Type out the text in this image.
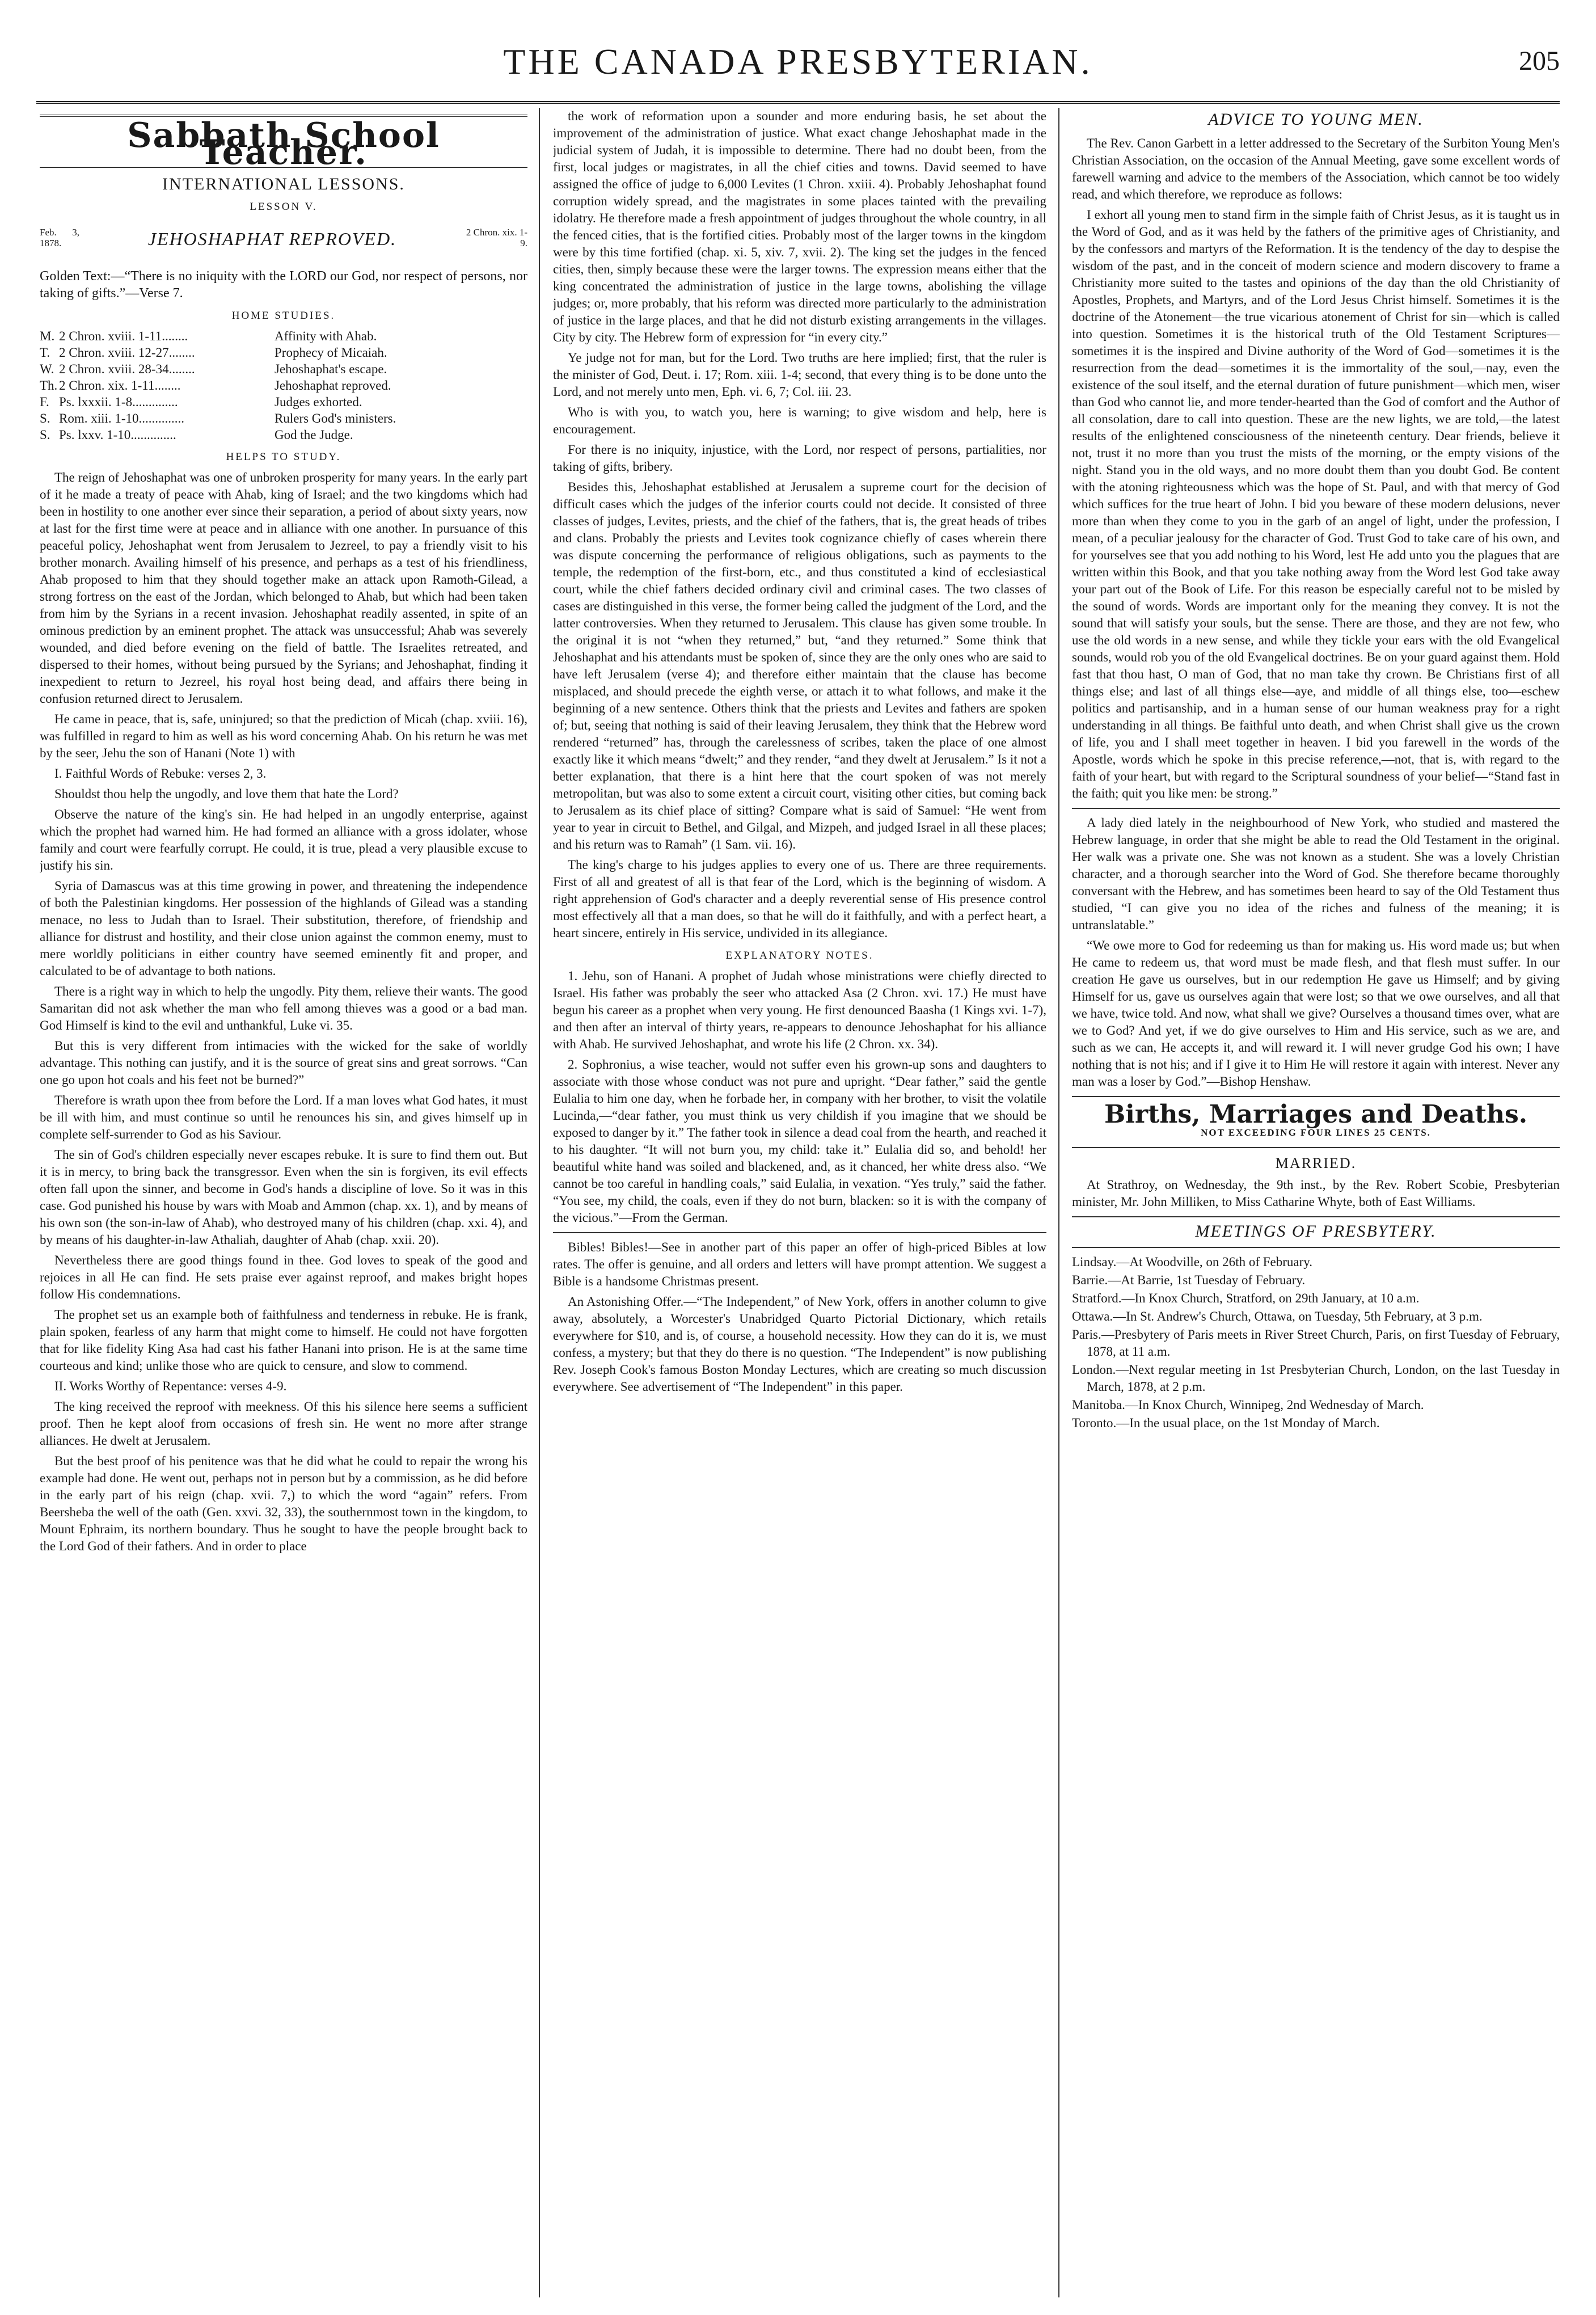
THE CANADA PRESBYTERIAN.	205
Sabbath School Teacher.
INTERNATIONAL LESSONS.
LESSON V.
Feb. 3, 1878.	JEHOSHAPHAT REPROVED.	2 Chron. xix. 1-9.

Golden Text:—“There is no iniquity with the LORD our God, nor respect of persons, nor taking of gifts.”—Verse 7.

HOME STUDIES.
M.	2 Chron. xviii. 1-11........	Affinity with Ahab.
T.	2 Chron. xviii. 12-27........	Prophecy of Micaiah.
W.	2 Chron. xviii. 28-34........	Jehoshaphat's escape.
Th.	2 Chron. xix. 1-11........	Jehoshaphat reproved.
F.	Ps. lxxxii. 1-8..............	Judges exhorted.
S.	Rom. xiii. 1-10..............	Rulers God's ministers.
S.	Ps. lxxv. 1-10..............	God the Judge.
HELPS TO STUDY.

The reign of Jehoshaphat was one of unbroken prosperity for many years. In the early part of it he made a treaty of peace with Ahab, king of Israel; and the two kingdoms which had been in hostility to one another ever since their separation, a period of about sixty years, now at last for the first time were at peace and in alliance with one another. In pursuance of this peaceful policy, Jehoshaphat went from Jerusalem to Jezreel, to pay a friendly visit to his brother monarch. Availing himself of his presence, and perhaps as a test of his friendliness, Ahab proposed to him that they should together make an attack upon Ramoth-Gilead, a strong fortress on the east of the Jordan, which belonged to Ahab, but which had been taken from him by the Syrians in a recent invasion. Jehoshaphat readily assented, in spite of an ominous prediction by an eminent prophet. The attack was unsuccessful; Ahab was severely wounded, and died before evening on the field of battle. The Israelites retreated, and dispersed to their homes, without being pursued by the Syrians; and Jehoshaphat, finding it inexpedient to return to Jezreel, his royal host being dead, and affairs there being in confusion returned direct to Jerusalem.

He came in peace, that is, safe, uninjured; so that the prediction of Micah (chap. xviii. 16), was fulfilled in regard to him as well as his word concerning Ahab. On his return he was met by the seer, Jehu the son of Hanani (Note 1) with

I. Faithful Words of Rebuke: verses 2, 3.

Shouldst thou help the ungodly, and love them that hate the Lord?

Observe the nature of the king's sin. He had helped in an ungodly enterprise, against which the prophet had warned him. He had formed an alliance with a gross idolater, whose family and court were fearfully corrupt. He could, it is true, plead a very plausible excuse to justify his sin.

Syria of Damascus was at this time growing in power, and threatening the independence of both the Palestinian kingdoms. Her possession of the highlands of Gilead was a standing menace, no less to Judah than to Israel. Their substitution, therefore, of friendship and alliance for distrust and hostility, and their close union against the common enemy, must to mere worldly politicians in either country have seemed eminently fit and proper, and calculated to be of advantage to both nations.

There is a right way in which to help the ungodly. Pity them, relieve their wants. The good Samaritan did not ask whether the man who fell among thieves was a good or a bad man. God Himself is kind to the evil and unthankful, Luke vi. 35.

But this is very different from intimacies with the wicked for the sake of worldly advantage. This nothing can justify, and it is the source of great sins and great sorrows. “Can one go upon hot coals and his feet not be burned?”

Therefore is wrath upon thee from before the Lord. If a man loves what God hates, it must be ill with him, and must continue so until he renounces his sin, and gives himself up in complete self-surrender to God as his Saviour.

The sin of God's children especially never escapes rebuke. It is sure to find them out. But it is in mercy, to bring back the transgressor. Even when the sin is forgiven, its evil effects often fall upon the sinner, and become in God's hands a discipline of love. So it was in this case. God punished his house by wars with Moab and Ammon (chap. xx. 1), and by means of his own son (the son-in-law of Ahab), who destroyed many of his children (chap. xxi. 4), and by means of his daughter-in-law Athaliah, daughter of Ahab (chap. xxii. 20).

Nevertheless there are good things found in thee. God loves to speak of the good and rejoices in all He can find. He sets praise ever against reproof, and makes bright hopes follow His condemnations.

The prophet set us an example both of faithfulness and tenderness in rebuke. He is frank, plain spoken, fearless of any harm that might come to himself. He could not have forgotten that for like fidelity King Asa had cast his father Hanani into prison. He is at the same time courteous and kind; unlike those who are quick to censure, and slow to commend.

II. Works Worthy of Repentance: verses 4-9.

The king received the reproof with meekness. Of this his silence here seems a sufficient proof. Then he kept aloof from occasions of fresh sin. He went no more after strange alliances. He dwelt at Jerusalem.

But the best proof of his penitence was that he did what he could to repair the wrong his example had done. He went out, perhaps not in person but by a commission, as he did before in the early part of his reign (chap. xvii. 7,) to which the word “again” refers. From Beersheba the well of the oath (Gen. xxvi. 32, 33), the southernmost town in the kingdom, to Mount Ephraim, its northern boundary. Thus he sought to have the people brought back to the Lord God of their fathers. And in order to place

the work of reformation upon a sounder and more enduring basis, he set about the improvement of the administration of justice. What exact change Jehoshaphat made in the judicial system of Judah, it is impossible to determine. There had no doubt been, from the first, local judges or magistrates, in all the chief cities and towns. David seemed to have assigned the office of judge to 6,000 Levites (1 Chron. xxiii. 4). Probably Jehoshaphat found corruption widely spread, and the magistrates in some places tainted with the prevailing idolatry. He therefore made a fresh appointment of judges throughout the whole country, in all the fenced cities, that is the fortified cities. Probably most of the larger towns in the kingdom were by this time fortified (chap. xi. 5, xiv. 7, xvii. 2). The king set the judges in the fenced cities, then, simply because these were the larger towns. The expression means either that the king concentrated the administration of justice in the large towns, abolishing the village judges; or, more probably, that his reform was directed more particularly to the administration of justice in the large places, and that he did not disturb existing arrangements in the villages. City by city. The Hebrew form of expression for “in every city.”

Ye judge not for man, but for the Lord. Two truths are here implied; first, that the ruler is the minister of God, Deut. i. 17; Rom. xiii. 1-4; second, that every thing is to be done unto the Lord, and not merely unto men, Eph. vi. 6, 7; Col. iii. 23.

Who is with you, to watch you, here is warning; to give wisdom and help, here is encouragement.

For there is no iniquity, injustice, with the Lord, nor respect of persons, partialities, nor taking of gifts, bribery.

Besides this, Jehoshaphat established at Jerusalem a supreme court for the decision of difficult cases which the judges of the inferior courts could not decide. It consisted of three classes of judges, Levites, priests, and the chief of the fathers, that is, the great heads of tribes and clans. Probably the priests and Levites took cognizance chiefly of cases wherein there was dispute concerning the performance of religious obligations, such as payments to the temple, the redemption of the first-born, etc., and thus constituted a kind of ecclesiastical court, while the chief fathers decided ordinary civil and criminal cases. The two classes of cases are distinguished in this verse, the former being called the judgment of the Lord, and the latter controversies. When they returned to Jerusalem. This clause has given some trouble. In the original it is not “when they returned,” but, “and they returned.” Some think that Jehoshaphat and his attendants must be spoken of, since they are the only ones who are said to have left Jerusalem (verse 4); and therefore either maintain that the clause has become misplaced, and should precede the eighth verse, or attach it to what follows, and make it the beginning of a new sentence. Others think that the priests and Levites and fathers are spoken of; but, seeing that nothing is said of their leaving Jerusalem, they think that the Hebrew word rendered “returned” has, through the carelessness of scribes, taken the place of one almost exactly like it which means “dwelt;” and they render, “and they dwelt at Jerusalem.” Is it not a better explanation, that there is a hint here that the court spoken of was not merely metropolitan, but was also to some extent a circuit court, visiting other cities, but coming back to Jerusalem as its chief place of sitting? Compare what is said of Samuel: “He went from year to year in circuit to Bethel, and Gilgal, and Mizpeh, and judged Israel in all these places; and his return was to Ramah” (1 Sam. vii. 16).

The king's charge to his judges applies to every one of us. There are three requirements. First of all and greatest of all is that fear of the Lord, which is the beginning of wisdom. A right apprehension of God's character and a deeply reverential sense of His presence control most effectively all that a man does, so that he will do it faithfully, and with a perfect heart, a heart sincere, entirely in His service, undivided in its allegiance.

EXPLANATORY NOTES.

1. Jehu, son of Hanani. A prophet of Judah whose ministrations were chiefly directed to Israel. His father was probably the seer who attacked Asa (2 Chron. xvi. 17.) He must have begun his career as a prophet when very young. He first denounced Baasha (1 Kings xvi. 1-7), and then after an interval of thirty years, re-appears to denounce Jehoshaphat for his alliance with Ahab. He survived Jehoshaphat, and wrote his life (2 Chron. xx. 34).

2. Sophronius, a wise teacher, would not suffer even his grown-up sons and daughters to associate with those whose conduct was not pure and upright. “Dear father,” said the gentle Eulalia to him one day, when he forbade her, in company with her brother, to visit the volatile Lucinda,—“dear father, you must think us very childish if you imagine that we should be exposed to danger by it.” The father took in silence a dead coal from the hearth, and reached it to his daughter. “It will not burn you, my child: take it.” Eulalia did so, and behold! her beautiful white hand was soiled and blackened, and, as it chanced, her white dress also. “We cannot be too careful in handling coals,” said Eulalia, in vexation. “Yes truly,” said the father. “You see, my child, the coals, even if they do not burn, blacken: so it is with the company of the vicious.”—From the German.

Bibles! Bibles!—See in another part of this paper an offer of high-priced Bibles at low rates. The offer is genuine, and all orders and letters will have prompt attention. We suggest a Bible is a handsome Christmas present.

An Astonishing Offer.—“The Independent,” of New York, offers in another column to give away, absolutely, a Worcester's Unabridged Quarto Pictorial Dictionary, which retails everywhere for $10, and is, of course, a household necessity. How they can do it is, we must confess, a mystery; but that they do there is no question. “The Independent” is now publishing Rev. Joseph Cook's famous Boston Monday Lectures, which are creating so much discussion everywhere. See advertisement of “The Independent” in this paper.

ADVICE TO YOUNG MEN.

The Rev. Canon Garbett in a letter addressed to the Secretary of the Surbiton Young Men's Christian Association, on the occasion of the Annual Meeting, gave some excellent words of farewell warning and advice to the members of the Association, which cannot be too widely read, and which therefore, we reproduce as follows:

I exhort all young men to stand firm in the simple faith of Christ Jesus, as it is taught us in the Word of God, and as it was held by the fathers of the primitive ages of Christianity, and by the confessors and martyrs of the Reformation. It is the tendency of the day to despise the wisdom of the past, and in the conceit of modern science and modern discovery to frame a Christianity more suited to the tastes and opinions of the day than the old Christianity of Apostles, Prophets, and Martyrs, and of the Lord Jesus Christ himself. Sometimes it is the doctrine of the Atonement—the true vicarious atonement of Christ for sin—which is called into question. Sometimes it is the historical truth of the Old Testament Scriptures—sometimes it is the inspired and Divine authority of the Word of God—sometimes it is the resurrection from the dead—sometimes it is the immortality of the soul,—nay, even the existence of the soul itself, and the eternal duration of future punishment—which men, wiser than God who cannot lie, and more tender-hearted than the God of comfort and the Author of all consolation, dare to call into question. These are the new lights, we are told,—the latest results of the enlightened consciousness of the nineteenth century. Dear friends, believe it not, trust it no more than you trust the mists of the morning, or the empty visions of the night. Stand you in the old ways, and no more doubt them than you doubt God. Be content with the atoning righteousness which was the hope of St. Paul, and with that mercy of God which suffices for the true heart of John. I bid you beware of these modern delusions, never more than when they come to you in the garb of an angel of light, under the profession, I mean, of a peculiar jealousy for the character of God. Trust God to take care of his own, and for yourselves see that you add nothing to his Word, lest He add unto you the plagues that are written within this Book, and that you take nothing away from the Word lest God take away your part out of the Book of Life. For this reason be especially careful not to be misled by the sound of words. Words are important only for the meaning they convey. It is not the sound that will satisfy your souls, but the sense. There are those, and they are not few, who use the old words in a new sense, and while they tickle your ears with the old Evangelical sounds, would rob you of the old Evangelical doctrines. Be on your guard against them. Hold fast that thou hast, O man of God, that no man take thy crown. Be Christians first of all things else; and last of all things else—aye, and middle of all things else, too—eschew politics and partisanship, and in a human sense of our human weakness pray for a right understanding in all things. Be faithful unto death, and when Christ shall give us the crown of life, you and I shall meet together in heaven. I bid you farewell in the words of the Apostle, words which he spoke in this precise reference,—not, that is, with regard to the faith of your heart, but with regard to the Scriptural soundness of your belief—“Stand fast in the faith; quit you like men: be strong.”

A lady died lately in the neighbourhood of New York, who studied and mastered the Hebrew language, in order that she might be able to read the Old Testament in the original. Her walk was a private one. She was not known as a student. She was a lovely Christian character, and a thorough searcher into the Word of God. She therefore became thoroughly conversant with the Hebrew, and has sometimes been heard to say of the Old Testament thus studied, “I can give you no idea of the riches and fulness of the meaning; it is untranslatable.”

“We owe more to God for redeeming us than for making us. His word made us; but when He came to redeem us, that word must be made flesh, and that flesh must suffer. In our creation He gave us ourselves, but in our redemption He gave us Himself; and by giving Himself for us, gave us ourselves again that were lost; so that we owe ourselves, and all that we have, twice told. And now, what shall we give? Ourselves a thousand times over, what are we to God? And yet, if we do give ourselves to Him and His service, such as we are, and such as we can, He accepts it, and will reward it. I will never grudge God his own; I have nothing that is not his; and if I give it to Him He will restore it again with interest. Never any man was a loser by God.”—Bishop Henshaw.

Births, Marriages and Deaths.
NOT EXCEEDING FOUR LINES 25 CENTS.
MARRIED.

At Strathroy, on Wednesday, the 9th inst., by the Rev. Robert Scobie, Presbyterian minister, Mr. John Milliken, to Miss Catharine Whyte, both of East Williams.

MEETINGS OF PRESBYTERY.

Lindsay.—At Woodville, on 26th of February.

Barrie.—At Barrie, 1st Tuesday of February.

Stratford.—In Knox Church, Stratford, on 29th January, at 10 a.m.

Ottawa.—In St. Andrew's Church, Ottawa, on Tuesday, 5th February, at 3 p.m.

Paris.—Presbytery of Paris meets in River Street Church, Paris, on first Tuesday of February, 1878, at 11 a.m.

London.—Next regular meeting in 1st Presbyterian Church, London, on the last Tuesday in March, 1878, at 2 p.m.

Manitoba.—In Knox Church, Winnipeg, 2nd Wednesday of March.

Toronto.—In the usual place, on the 1st Monday of March.
